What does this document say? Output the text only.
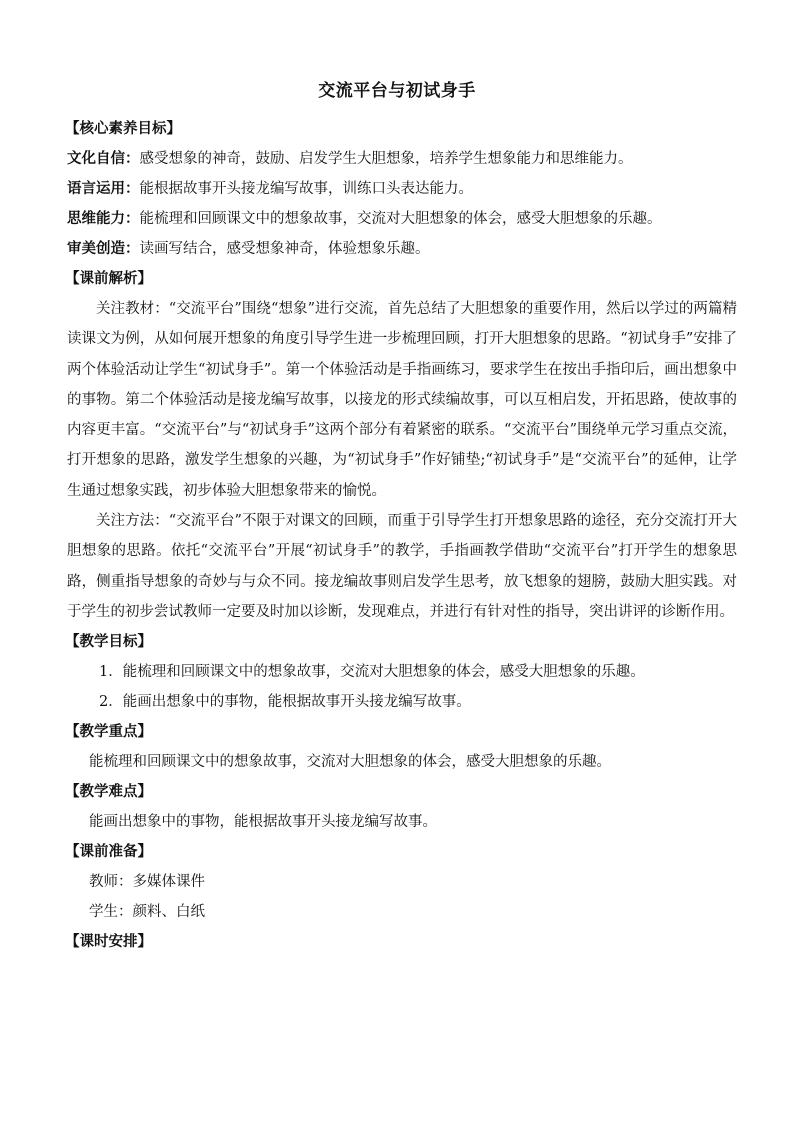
交流平台与初试身手
【核心素养目标】
文化自信：感受想象的神奇，鼓励、启发学生大胆想象，培养学生想象能力和思维能力。
语言运用：能根据故事开头接龙编写故事，训练口头表达能力。
思维能力：能梳理和回顾课文中的想象故事，交流对大胆想象的体会，感受大胆想象的乐趣。
审美创造：读画写结合，感受想象神奇，体验想象乐趣。
【课前解析】

关注教材：“交流平台”围绕“想象”进行交流，首先总结了大胆想象的重要作用，然后以学过的两篇精读课文为例，从如何展开想象的角度引导学生进一步梳理回顾，打开大胆想象的思路。“初试身手”安排了两个体验活动让学生“初试身手”。第一个体验活动是手指画练习，要求学生在按出手指印后，画出想象中的事物。第二个体验活动是接龙编写故事，以接龙的形式续编故事，可以互相启发，开拓思路，使故事的内容更丰富。“交流平台”与“初试身手”这两个部分有着紧密的联系。“交流平台”围绕单元学习重点交流，打开想象的思路，激发学生想象的兴趣，为“初试身手”作好铺垫;“初试身手”是“交流平台”的延伸，让学生通过想象实践，初步体验大胆想象带来的愉悦。

关注方法：“交流平台”不限于对课文的回顾，而重于引导学生打开想象思路的途径，充分交流打开大胆想象的思路。依托“交流平台”开展“初试身手”的教学，手指画教学借助“交流平台”打开学生的想象思路，侧重指导想象的奇妙与与众不同。接龙编故事则启发学生思考，放飞想象的翅膀，鼓励大胆实践。对于学生的初步尝试教师一定要及时加以诊断，发现难点，并进行有针对性的指导，突出讲评的诊断作用。

【教学目标】
1．能梳理和回顾课文中的想象故事，交流对大胆想象的体会，感受大胆想象的乐趣。
2．能画出想象中的事物，能根据故事开头接龙编写故事。
【教学重点】
能梳理和回顾课文中的想象故事，交流对大胆想象的体会，感受大胆想象的乐趣。
【教学难点】
能画出想象中的事物，能根据故事开头接龙编写故事。
【课前准备】
教师：多媒体课件
学生：颜料、白纸
【课时安排】
